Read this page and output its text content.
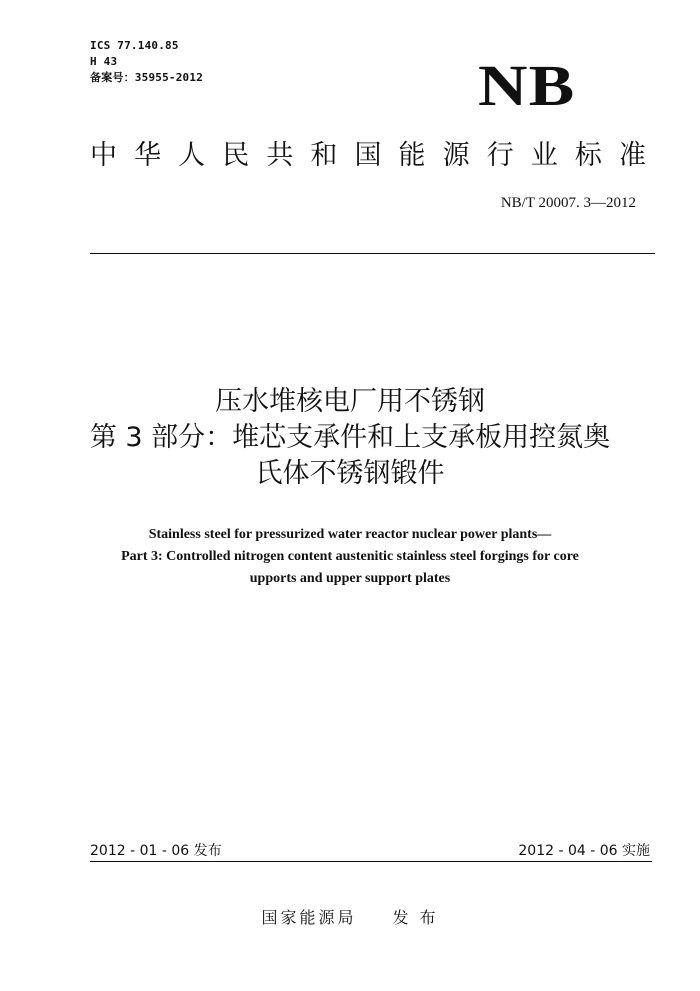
ICS 77.140.85
H 43
备案号：35955-2012	NB
中 华 人 民 共 和 国 能 源 行 业 标 准
NB/T 20007. 3—2012
压水堆核电厂用不锈钢
第 3 部分：堆芯支承件和上支承板用控氮奥
氏体不锈钢锻件
Stainless steel for pressurized water reactor nuclear power plants—
Part 3: Controlled nitrogen content austenitic stainless steel forgings for core
upports and upper support plates
2012 - 01 - 06 发布	2012 - 04 - 06 实施
国家能源局 发 布
